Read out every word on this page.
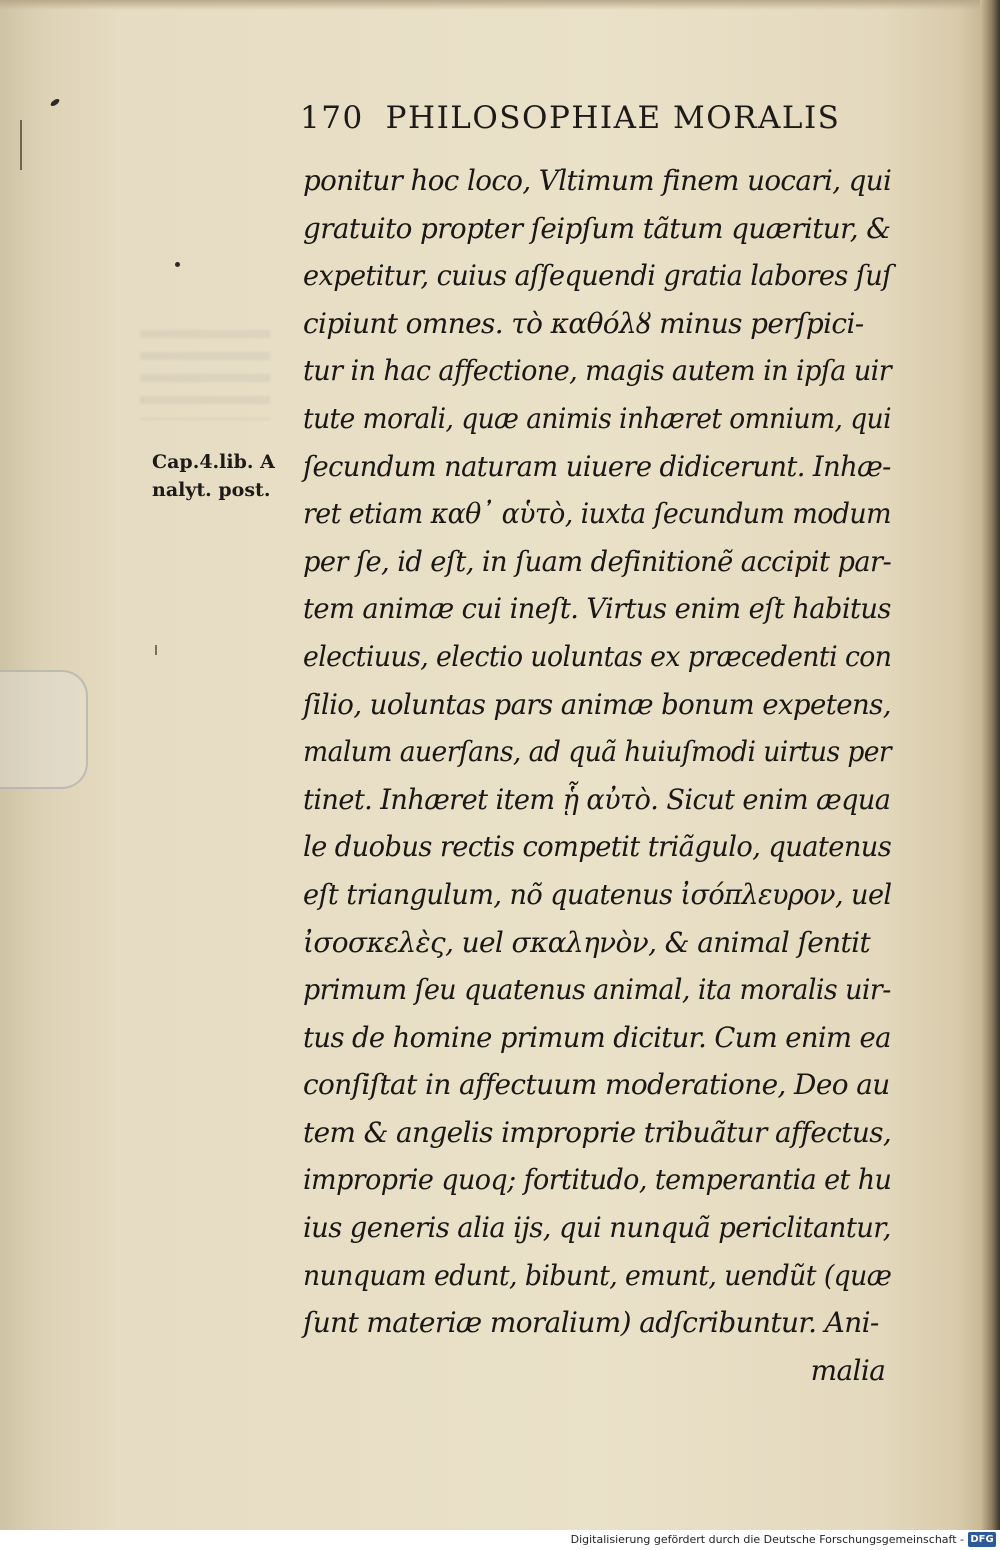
170 PHILOSOPHIAE MORALIS
Cap.4.lib. A
nalyt. post.
ponitur hoc loco, Vltimum finem uocari, qui
gratuito propter ſeipſum tãtum quæritur, &
expetitur, cuius aſſequendi gratia labores ſuſ
cipiunt omnes. τὸ καθόλȣ minus perſpici-
tur in hac affectione, magis autem in ipſa uir
tute morali, quæ animis inhæret omnium, qui
ſecundum naturam uiuere didicerunt. Inhæ-
ret etiam καθ᾽ αὑτὸ, iuxta ſecundum modum
per ſe, id eſt, in ſuam definitionẽ accipit par-
tem animæ cui ineſt. Virtus enim eſt habitus
electiuus, electio uoluntas ex præcedenti con
ſilio, uoluntas pars animæ bonum expetens,
malum auerſans, ad quã huiuſmodi uirtus per
tinet. Inhæret item ᾗ αὐτὸ. Sicut enim æqua
le duobus rectis competit triãgulo, quatenus
eſt triangulum, nõ quatenus ἰσόπλευρον, uel
ἰσοσκελὲς, uel σκαληνὸν, & animal ſentit
primum ſeu quatenus animal, ita moralis uir-
tus de homine primum dicitur. Cum enim ea
conſiſtat in affectuum moderatione, Deo au
tem & angelis improprie tribuãtur affectus,
improprie quoq; fortitudo, temperantia et hu
ius generis alia ijs, qui nunquã periclitantur,
nunquam edunt, bibunt, emunt, uendũt (quæ
ſunt materiæ moralium) adſcribuntur. Ani-
malia
Digitalisierung gefördert durch die Deutsche Forschungsgemeinschaft - DFG
